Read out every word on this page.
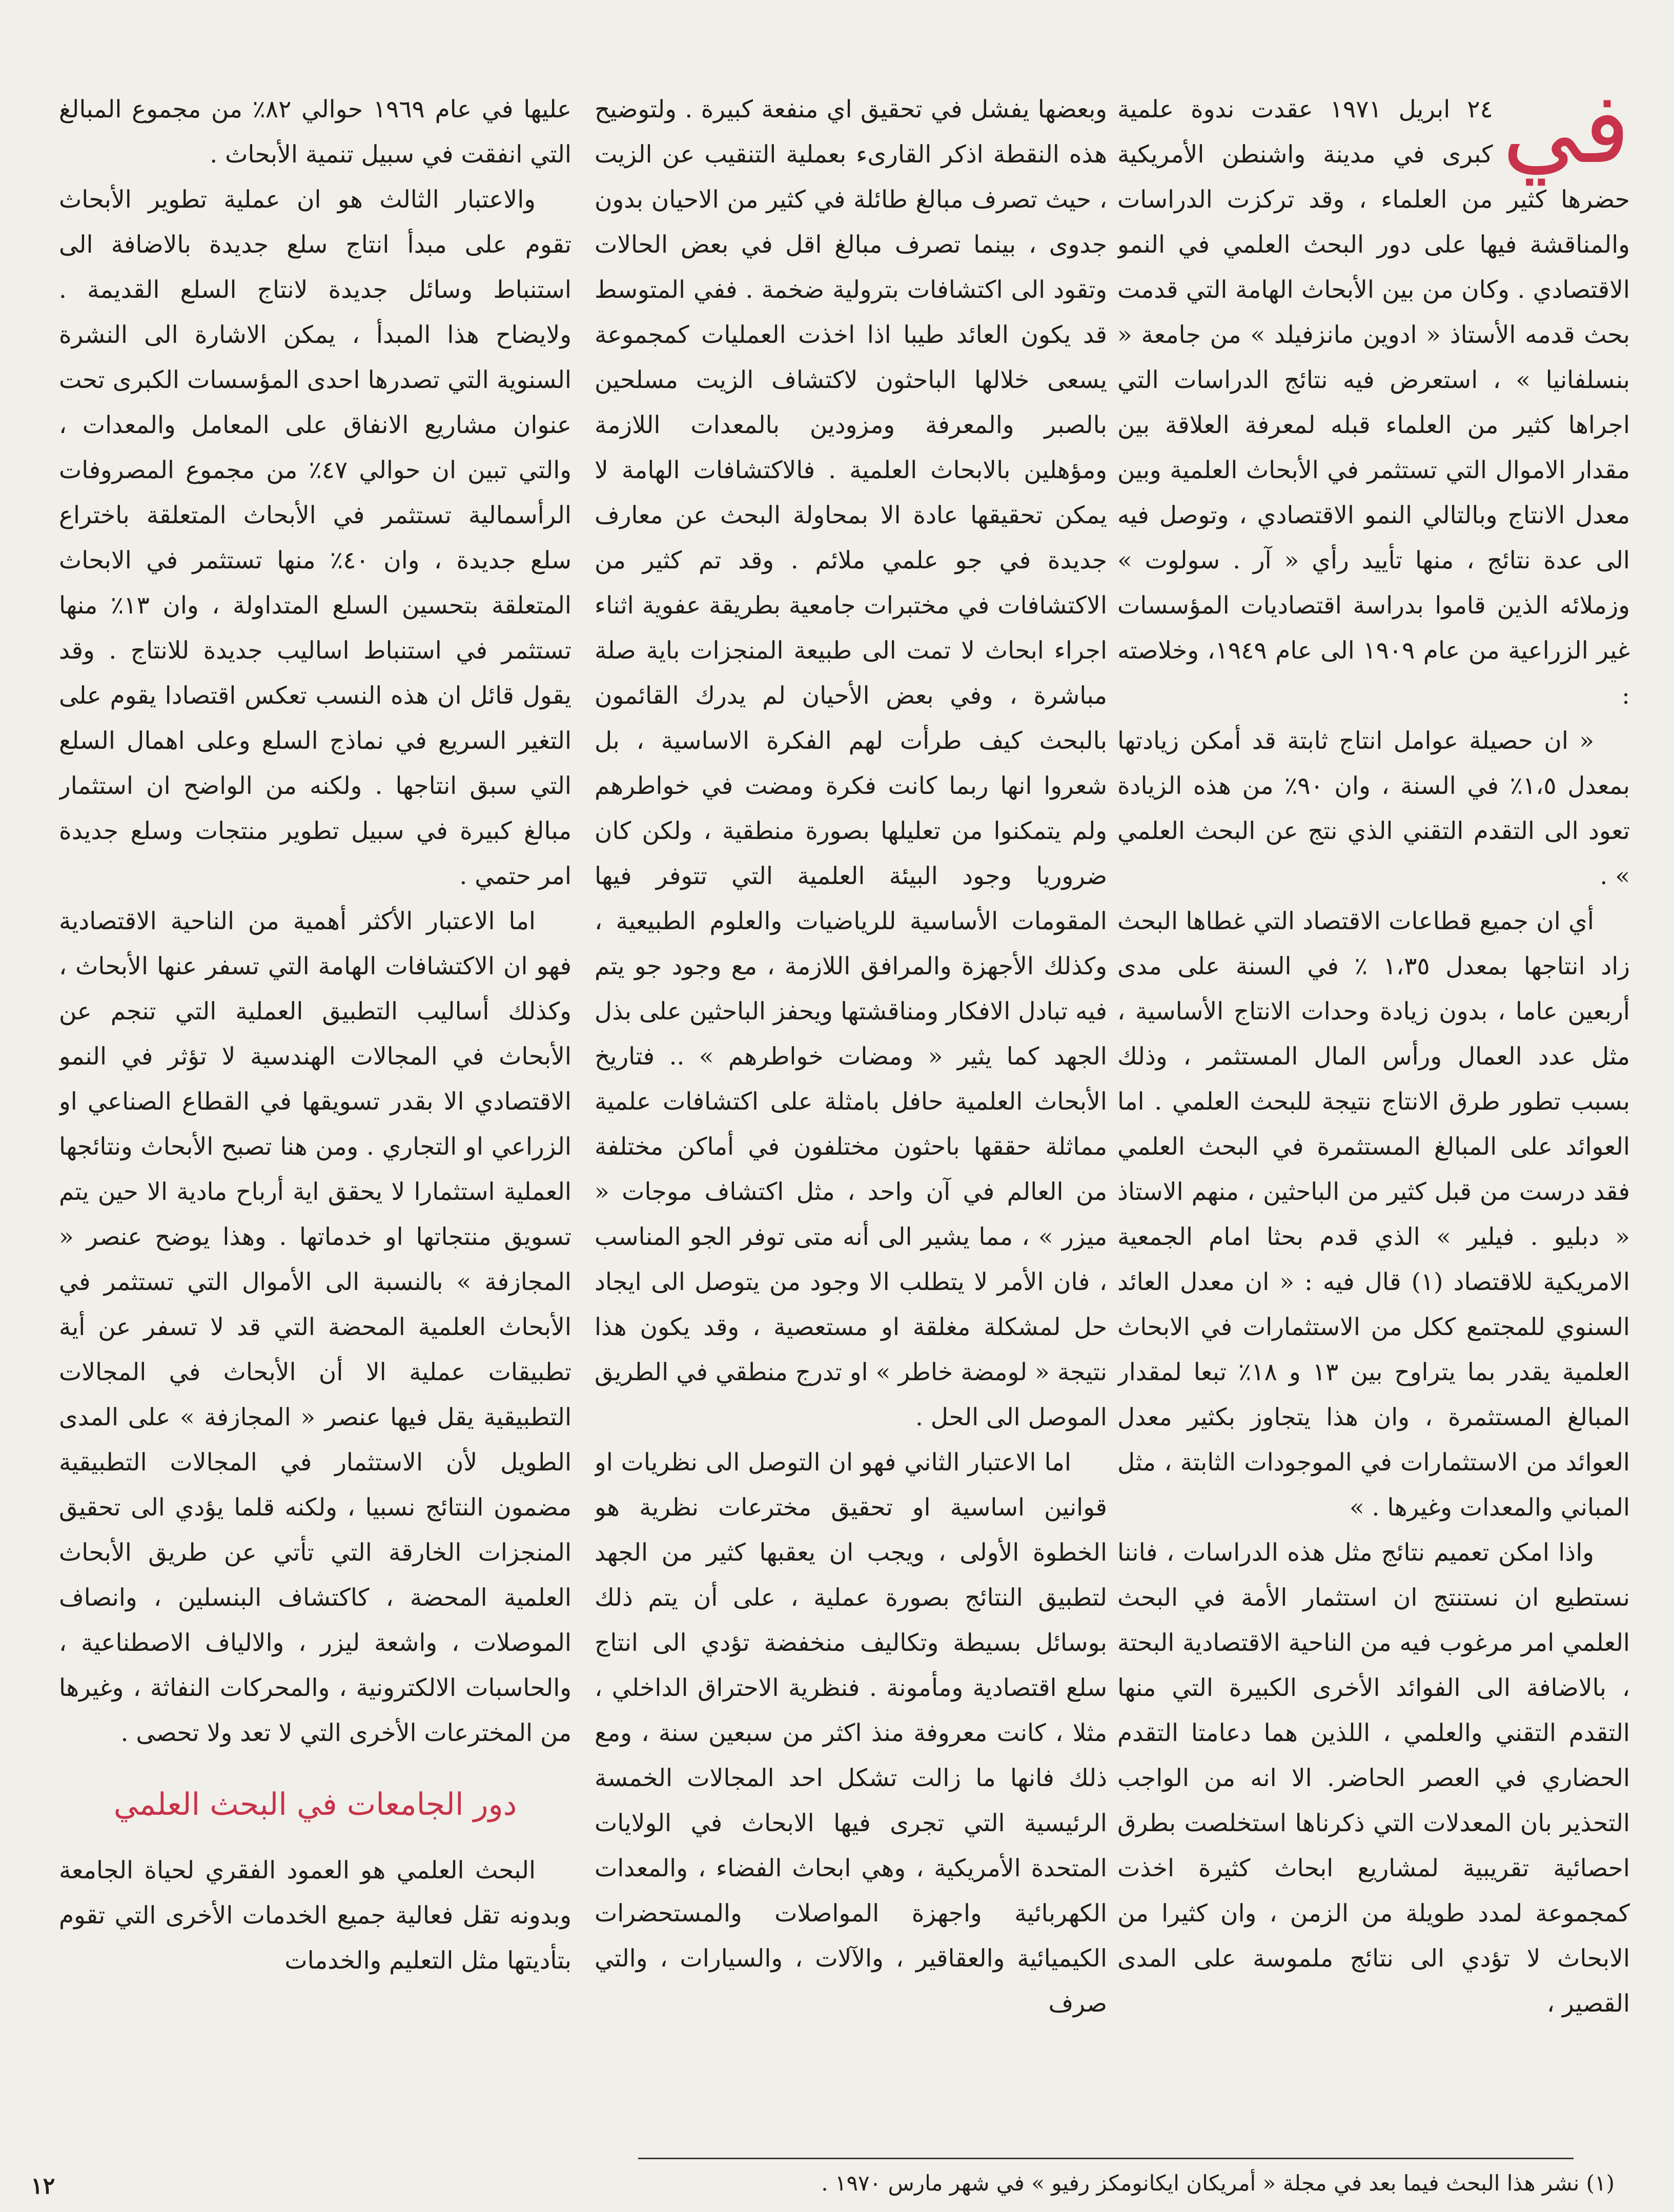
في
٢٤ ابريل ١٩٧١ عقدت ندوة علمية كبرى في مدينة واشنطن الأمريكية حضرها كثير من العلماء ، وقد تركزت الدراسات والمناقشة فيها على دور البحث العلمي في النمو الاقتصادي . وكان من بين الأبحاث الهامة التي قدمت بحث قدمه الأستاذ « ادوين مانزفيلد » من جامعة « بنسلفانيا » ، استعرض فيه نتائج الدراسات التي اجراها كثير من العلماء قبله لمعرفة العلاقة بين مقدار الاموال التي تستثمر في الأبحاث العلمية وبين معدل الانتاج وبالتالي النمو الاقتصادي ، وتوصل فيه الى عدة نتائج ، منها تأييد رأي « آر . سولوت » وزملائه الذين قاموا بدراسة اقتصاديات المؤسسات غير الزراعية من عام ١٩٠٩ الى عام ١٩٤٩، وخلاصته :

« ان حصيلة عوامل انتاج ثابتة قد أمكن زيادتها بمعدل ١،٥٪ في السنة ، وان ٩٠٪ من هذه الزيادة تعود الى التقدم التقني الذي نتج عن البحث العلمي » .

أي ان جميع قطاعات الاقتصاد التي غطاها البحث زاد انتاجها بمعدل ١،٣٥ ٪ في السنة على مدى أربعين عاما ، بدون زيادة وحدات الانتاج الأساسية ، مثل عدد العمال ورأس المال المستثمر ، وذلك بسبب تطور طرق الانتاج نتيجة للبحث العلمي . اما العوائد على المبالغ المستثمرة في البحث العلمي فقد درست من قبل كثير من الباحثين ، منهم الاستاذ « دبليو . فيلير » الذي قدم بحثا امام الجمعية الامريكية للاقتصاد (١) قال فيه : « ان معدل العائد السنوي للمجتمع ككل من الاستثمارات في الابحاث العلمية يقدر بما يتراوح بين ١٣ و ١٨٪ تبعا لمقدار المبالغ المستثمرة ، وان هذا يتجاوز بكثير معدل العوائد من الاستثمارات في الموجودات الثابتة ، مثل المباني والمعدات وغيرها . »

واذا امكن تعميم نتائج مثل هذه الدراسات ، فاننا نستطيع ان نستنتج ان استثمار الأمة في البحث العلمي امر مرغوب فيه من الناحية الاقتصادية البحتة ، بالاضافة الى الفوائد الأخرى الكبيرة التي منها التقدم التقني والعلمي ، اللذين هما دعامتا التقدم الحضاري في العصر الحاضر. الا انه من الواجب التحذير بان المعدلات التي ذكرناها استخلصت بطرق احصائية تقريبية لمشاريع ابحاث كثيرة اخذت كمجموعة لمدد طويلة من الزمن ، وان كثيرا من الابحاث لا تؤدي الى نتائج ملموسة على المدى القصير ،

وبعضها يفشل في تحقيق اي منفعة كبيرة . ولتوضيح هذه النقطة اذكر القارىء بعملية التنقيب عن الزيت ، حيث تصرف مبالغ طائلة في كثير من الاحيان بدون جدوى ، بينما تصرف مبالغ اقل في بعض الحالات وتقود الى اكتشافات بترولية ضخمة . ففي المتوسط قد يكون العائد طيبا اذا اخذت العمليات كمجموعة يسعى خلالها الباحثون لاكتشاف الزيت مسلحين بالصبر والمعرفة ومزودين بالمعدات اللازمة ومؤهلين بالابحاث العلمية . فالاكتشافات الهامة لا يمكن تحقيقها عادة الا بمحاولة البحث عن معارف جديدة في جو علمي ملائم . وقد تم كثير من الاكتشافات في مختبرات جامعية بطريقة عفوية اثناء اجراء ابحاث لا تمت الى طبيعة المنجزات باية صلة مباشرة ، وفي بعض الأحيان لم يدرك القائمون بالبحث كيف طرأت لهم الفكرة الاساسية ، بل شعروا انها ربما كانت فكرة ومضت في خواطرهم ولم يتمكنوا من تعليلها بصورة منطقية ، ولكن كان ضروريا وجود البيئة العلمية التي تتوفر فيها المقومات الأساسية للرياضيات والعلوم الطبيعية ، وكذلك الأجهزة والمرافق اللازمة ، مع وجود جو يتم فيه تبادل الافكار ومناقشتها ويحفز الباحثين على بذل الجهد كما يثير « ومضات خواطرهم » .. فتاريخ الأبحاث العلمية حافل بامثلة على اكتشافات علمية مماثلة حققها باحثون مختلفون في أماكن مختلفة من العالم في آن واحد ، مثل اكتشاف موجات « ميزر » ، مما يشير الى أنه متى توفر الجو المناسب ، فان الأمر لا يتطلب الا وجود من يتوصل الى ايجاد حل لمشكلة مغلقة او مستعصية ، وقد يكون هذا نتيجة « لومضة خاطر » او تدرج منطقي في الطريق الموصل الى الحل .

اما الاعتبار الثاني فهو ان التوصل الى نظريات او قوانين اساسية او تحقيق مخترعات نظرية هو الخطوة الأولى ، ويجب ان يعقبها كثير من الجهد لتطبيق النتائج بصورة عملية ، على أن يتم ذلك بوسائل بسيطة وتكاليف منخفضة تؤدي الى انتاج سلع اقتصادية ومأمونة . فنظرية الاحتراق الداخلي ، مثلا ، كانت معروفة منذ اكثر من سبعين سنة ، ومع ذلك فانها ما زالت تشكل احد المجالات الخمسة الرئيسية التي تجرى فيها الابحاث في الولايات المتحدة الأمريكية ، وهي ابحاث الفضاء ، والمعدات الكهربائية واجهزة المواصلات والمستحضرات الكيميائية والعقاقير ، والآلات ، والسيارات ، والتي صرف

عليها في عام ١٩٦٩ حوالي ٨٢٪ من مجموع المبالغ التي انفقت في سبيل تنمية الأبحاث .

والاعتبار الثالث هو ان عملية تطوير الأبحاث تقوم على مبدأ انتاج سلع جديدة بالاضافة الى استنباط وسائل جديدة لانتاج السلع القديمة . ولايضاح هذا المبدأ ، يمكن الاشارة الى النشرة السنوية التي تصدرها احدى المؤسسات الكبرى تحت عنوان مشاريع الانفاق على المعامل والمعدات ، والتي تبين ان حوالي ٤٧٪ من مجموع المصروفات الرأسمالية تستثمر في الأبحاث المتعلقة باختراع سلع جديدة ، وان ٤٠٪ منها تستثمر في الابحاث المتعلقة بتحسين السلع المتداولة ، وان ١٣٪ منها تستثمر في استنباط اساليب جديدة للانتاج . وقد يقول قائل ان هذه النسب تعكس اقتصادا يقوم على التغير السريع في نماذج السلع وعلى اهمال السلع التي سبق انتاجها . ولكنه من الواضح ان استثمار مبالغ كبيرة في سبيل تطوير منتجات وسلع جديدة امر حتمي .

اما الاعتبار الأكثر أهمية من الناحية الاقتصادية فهو ان الاكتشافات الهامة التي تسفر عنها الأبحاث ، وكذلك أساليب التطبيق العملية التي تنجم عن الأبحاث في المجالات الهندسية لا تؤثر في النمو الاقتصادي الا بقدر تسويقها في القطاع الصناعي او الزراعي او التجاري . ومن هنا تصبح الأبحاث ونتائجها العملية استثمارا لا يحقق اية أرباح مادية الا حين يتم تسويق منتجاتها او خدماتها . وهذا يوضح عنصر « المجازفة » بالنسبة الى الأموال التي تستثمر في الأبحاث العلمية المحضة التي قد لا تسفر عن أية تطبيقات عملية الا أن الأبحاث في المجالات التطبيقية يقل فيها عنصر « المجازفة » على المدى الطويل لأن الاستثمار في المجالات التطبيقية مضمون النتائج نسبيا ، ولكنه قلما يؤدي الى تحقيق المنجزات الخارقة التي تأتي عن طريق الأبحاث العلمية المحضة ، كاكتشاف البنسلين ، وانصاف الموصلات ، واشعة ليزر ، والالياف الاصطناعية ، والحاسبات الالكترونية ، والمحركات النفاثة ، وغيرها من المخترعات الأخرى التي لا تعد ولا تحصى .

دور الجامعات في البحث العلمي

البحث العلمي هو العمود الفقري لحياة الجامعة وبدونه تقل فعالية جميع الخدمات الأخرى التي تقوم بتأديتها مثل التعليم والخدمات

(١) نشر هذا البحث فيما بعد في مجلة « أمريكان ايكانومكز رفيو » في شهر مارس ١٩٧٠ .
١٢
